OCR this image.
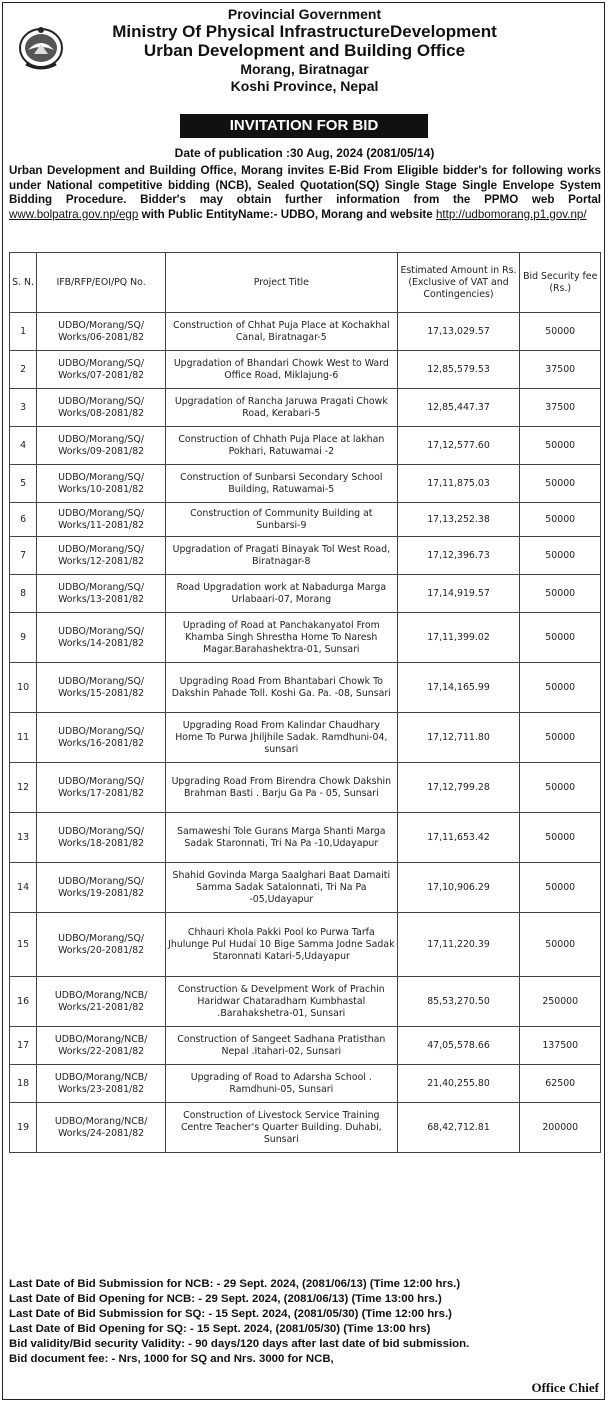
Provincial Government
Ministry Of Physical InfrastructureDevelopment
Urban Development and Building Office
Morang, Biratnagar
Koshi Province, Nepal
INVITATION FOR BID
Date of publication :30 Aug, 2024 (2081/05/14)
Urban Development and Building Office, Morang invites E-Bid From Eligible bidder's for following works under National competitive bidding (NCB), Sealed Quotation(SQ) Single Stage Single Envelope System Bidding Procedure. Bidder's may obtain further information from the PPMO web Portal www.bolpatra.gov.np/egp with Public EntityName:- UDBO, Morang and website http://udbomorang.p1.gov.np/
S. N.	IFB/RFP/EOI/PQ No.	Project Title	Estimated Amount in Rs. (Exclusive of VAT and Contingencies)	Bid Security fee (Rs.)
1	UDBO/Morang/SQ/ Works/06-2081/82	Construction of Chhat Puja Place at Kochakhal Canal, Biratnagar-5	17,13,029.57	50000
2	UDBO/Morang/SQ/ Works/07-2081/82	Upgradation of Bhandari Chowk West to Ward Office Road, Miklajung-6	12,85,579.53	37500
3	UDBO/Morang/SQ/ Works/08-2081/82	Upgradation of Rancha Jaruwa Pragati Chowk Road, Kerabari-5	12,85,447.37	37500
4	UDBO/Morang/SQ/ Works/09-2081/82	Construction of Chhath Puja Place at lakhan Pokhari, Ratuwamai -2	17,12,577.60	50000
5	UDBO/Morang/SQ/ Works/10-2081/82	Construction of Sunbarsi Secondary School Building, Ratuwamai-5	17,11,875.03	50000
6	UDBO/Morang/SQ/ Works/11-2081/82	Construction of Community Building at Sunbarsi-9	17,13,252.38	50000
7	UDBO/Morang/SQ/ Works/12-2081/82	Upgradation of Pragati Binayak Tol West Road, Biratnagar-8	17,12,396.73	50000
8	UDBO/Morang/SQ/ Works/13-2081/82	Road Upgradation work at Nabadurga Marga Urlabaari-07, Morang	17,14,919.57	50000
9	UDBO/Morang/SQ/ Works/14-2081/82	Uprading of Road at Panchakanyatol From Khamba Singh Shrestha Home To Naresh Magar.Barahashektra-01, Sunsari	17,11,399.02	50000
10	UDBO/Morang/SQ/ Works/15-2081/82	Upgrading Road From Bhantabari Chowk To Dakshin Pahade Toll. Koshi Ga. Pa. -08, Sunsari	17,14,165.99	50000
11	UDBO/Morang/SQ/ Works/16-2081/82	Upgrading Road From Kalindar Chaudhary Home To Purwa Jhiljhile Sadak. Ramdhuni-04, sunsari	17,12,711.80	50000
12	UDBO/Morang/SQ/ Works/17-2081/82	Upgrading Road From Birendra Chowk Dakshin Brahman Basti . Barju Ga Pa - 05, Sunsari	17,12,799.28	50000
13	UDBO/Morang/SQ/ Works/18-2081/82	Samaweshi Tole Gurans Marga Shanti Marga Sadak Staronnati, Tri Na Pa -10,Udayapur	17,11,653.42	50000
14	UDBO/Morang/SQ/ Works/19-2081/82	Shahid Govinda Marga Saalghari Baat Damaiti Samma Sadak Satalonnati, Tri Na Pa -05,Udayapur	17,10,906.29	50000
15	UDBO/Morang/SQ/ Works/20-2081/82	Chhauri Khola Pakki Pool ko Purwa Tarfa Jhulunge Pul Hudai 10 Bige Samma Jodne Sadak Staronnati Katari-5,Udayapur	17,11,220.39	50000
16	UDBO/Morang/NCB/ Works/21-2081/82	Construction & Develpment Work of Prachin Haridwar Chataradham Kumbhastal .Barahakshetra-01, Sunsari	85,53,270.50	250000
17	UDBO/Morang/NCB/ Works/22-2081/82	Construction of Sangeet Sadhana Pratisthan Nepal .Itahari-02, Sunsari	47,05,578.66	137500
18	UDBO/Morang/NCB/ Works/23-2081/82	Upgrading of Road to Adarsha School . Ramdhuni-05, Sunsari	21,40,255.80	62500
19	UDBO/Morang/NCB/ Works/24-2081/82	Construction of Livestock Service Training Centre Teacher's Quarter Building. Duhabi, Sunsari	68,42,712.81	200000
Last Date of Bid Submission for NCB: - 29 Sept. 2024, (2081/06/13) (Time 12:00 hrs.)
Last Date of Bid Opening for NCB: - 29 Sept. 2024, (2081/06/13) (Time 13:00 hrs.)
Last Date of Bid Submission for SQ: - 15 Sept. 2024, (2081/05/30) (Time 12:00 hrs.)
Last Date of Bid Opening for SQ: - 15 Sept. 2024, (2081/05/30) (Time 13:00 hrs)
Bid validity/Bid security Validity: - 90 days/120 days after last date of bid submission.
Bid document fee: - Nrs, 1000 for SQ and Nrs. 3000 for NCB,
Office Chief
